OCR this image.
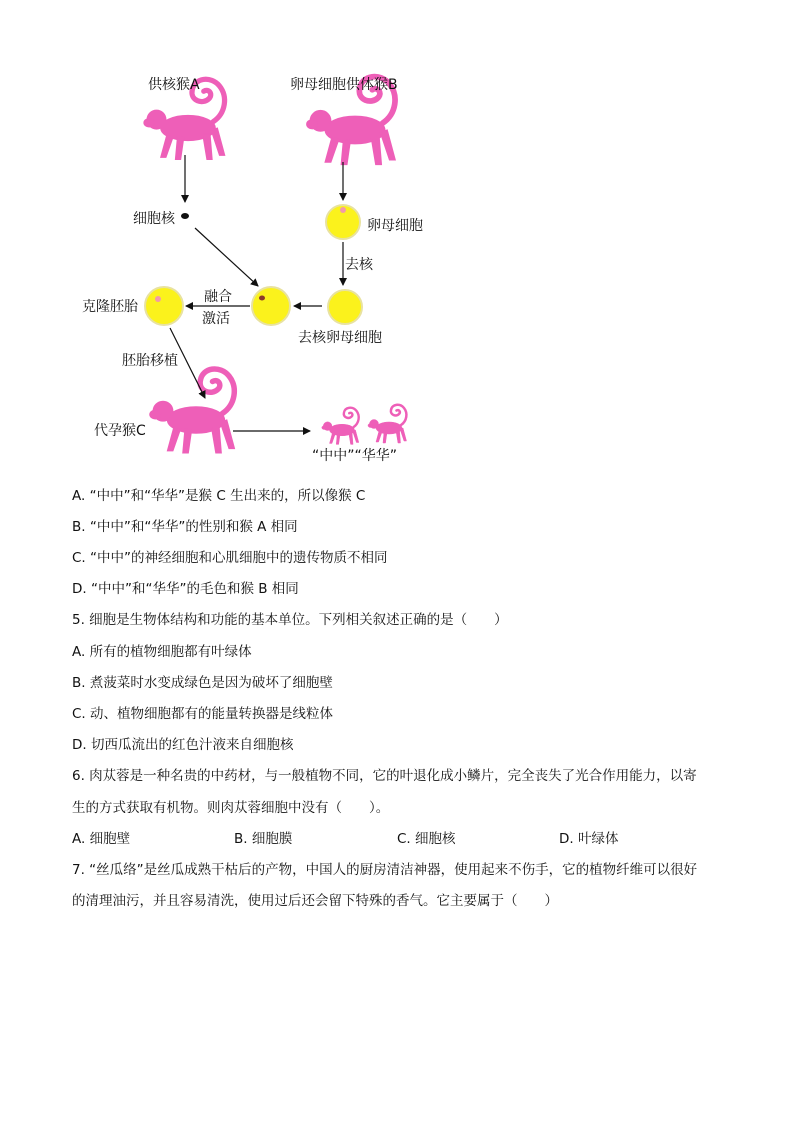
供核猴A	卵母细胞供体猴B
细胞核	卵母细胞
去核
去核卵母细胞
融合
激活
克隆胚胎
胚胎移植
代孕猴C
“中中”“华华”
A. “中中”和“华华”是猴 C 生出来的，所以像猴 C
B. “中中”和“华华”的性别和猴 A 相同
C. “中中”的神经细胞和心肌细胞中的遗传物质不相同
D. “中中”和“华华”的毛色和猴 B 相同
5. 细胞是生物体结构和功能的基本单位。下列相关叙述正确的是（　　）
A. 所有的植物细胞都有叶绿体
B. 煮菠菜时水变成绿色是因为破坏了细胞壁
C. 动、植物细胞都有的能量转换器是线粒体
D. 切西瓜流出的红色汁液来自细胞核
6. 肉苁蓉是一种名贵的中药材，与一般植物不同，它的叶退化成小鳞片，完全丧失了光合作用能力，以寄
生的方式获取有机物。则肉苁蓉细胞中没有（　　）。
A. 细胞壁	B. 细胞膜	C. 细胞核	D. 叶绿体
7. “丝瓜络”是丝瓜成熟干枯后的产物，中国人的厨房清洁神器，使用起来不伤手，它的植物纤维可以很好
的清理油污，并且容易清洗，使用过后还会留下特殊的香气。它主要属于（　　）
